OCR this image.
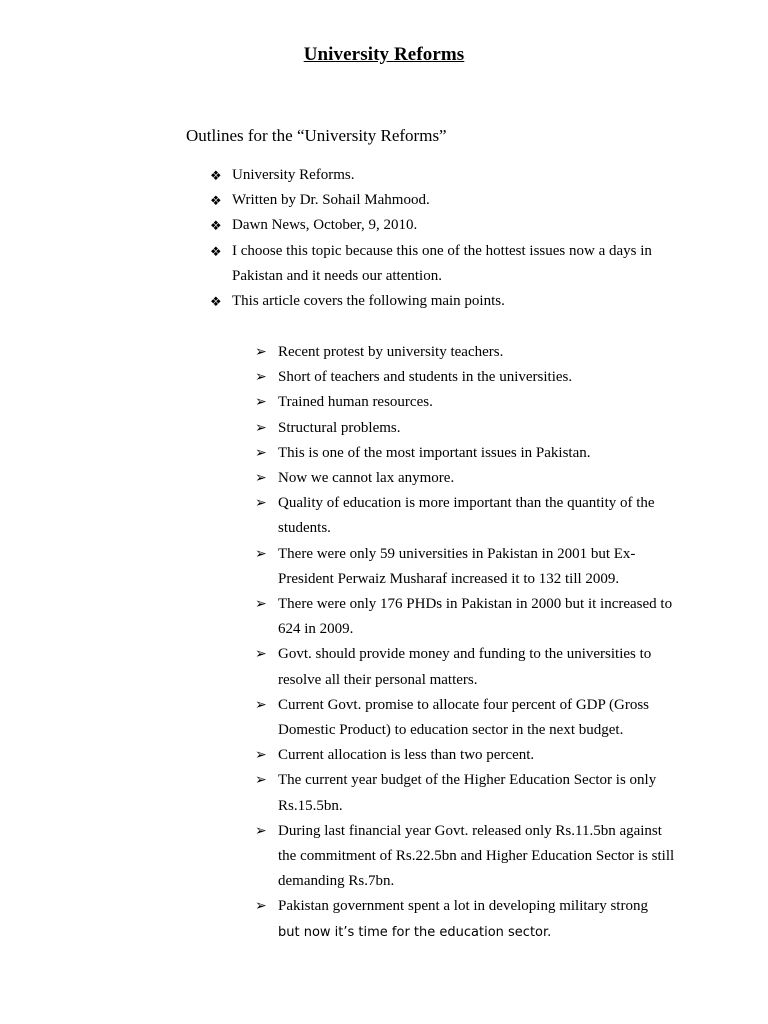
University Reforms
Outlines for the “University Reforms”
❖ University Reforms.
❖ Written by Dr. Sohail Mahmood.
❖ Dawn News, October, 9, 2010.
❖ I choose this topic because this one of the hottest issues now a days in Pakistan and it needs our attention.
❖ This article covers the following main points.
➢ Recent protest by university teachers.
➢ Short of teachers and students in the universities.
➢ Trained human resources.
➢ Structural problems.
➢ This is one of the most important issues in Pakistan.
➢ Now we cannot lax anymore.
➢ Quality of education is more important than the quantity of the students.
➢ There were only 59 universities in Pakistan in 2001 but Ex-President Perwaiz Musharaf increased it to 132 till 2009.
➢ There were only 176 PHDs in Pakistan in 2000 but it increased to 624 in 2009.
➢ Govt. should provide money and funding to the universities to resolve all their personal matters.
➢ Current Govt. promise to allocate four percent of GDP (Gross Domestic Product) to education sector in the next budget.
➢ Current allocation is less than two percent.
➢ The current year budget of the Higher Education Sector is only Rs.15.5bn.
➢ During last financial year Govt. released only Rs.11.5bn against the commitment of Rs.22.5bn and Higher Education Sector is still demanding Rs.7bn.
➢ Pakistan government spent a lot in developing military strong
but now it’s time for the education sector.
